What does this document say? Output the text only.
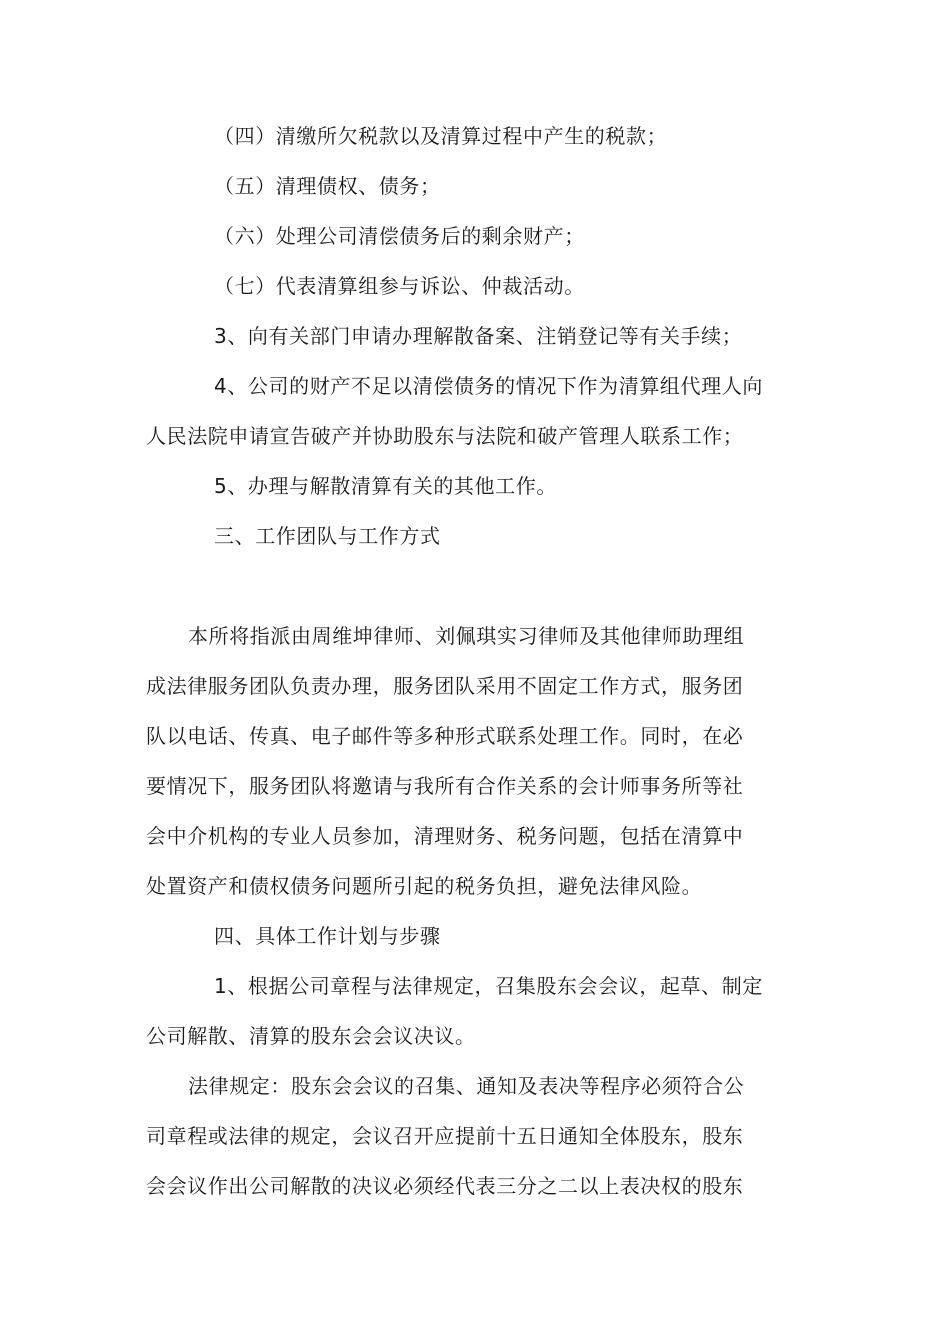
（四）清缴所欠税款以及清算过程中产生的税款；
（五）清理债权、债务；
（六）处理公司清偿债务后的剩余财产；
（七）代表清算组参与诉讼、仲裁活动。
3、向有关部门申请办理解散备案、注销登记等有关手续；
4、公司的财产不足以清偿债务的情况下作为清算组代理人向
人民法院申请宣告破产并协助股东与法院和破产管理人联系工作；
5、办理与解散清算有关的其他工作。
三、工作团队与工作方式
本所将指派由周维坤律师、刘佩琪实习律师及其他律师助理组
成法律服务团队负责办理，服务团队采用不固定工作方式，服务团
队以电话、传真、电子邮件等多种形式联系处理工作。同时，在必
要情况下，服务团队将邀请与我所有合作关系的会计师事务所等社
会中介机构的专业人员参加，清理财务、税务问题，包括在清算中
处置资产和债权债务问题所引起的税务负担，避免法律风险。
四、具体工作计划与步骤
1、根据公司章程与法律规定，召集股东会会议，起草、制定
公司解散、清算的股东会会议决议。
法律规定：股东会会议的召集、通知及表决等程序必须符合公
司章程或法律的规定，会议召开应提前十五日通知全体股东，股东
会会议作出公司解散的决议必须经代表三分之二以上表决权的股东
